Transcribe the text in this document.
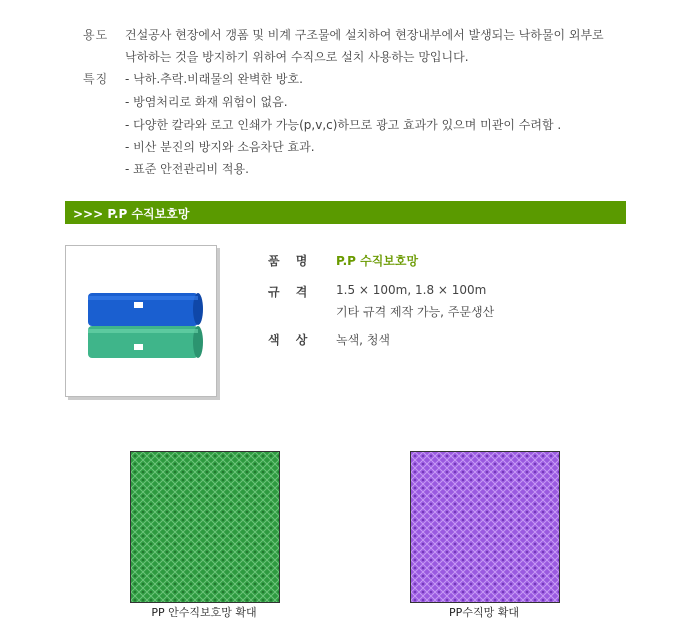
용도 건설공사 현장에서 갱폼 및 비계 구조물에 설치하여 현장내부에서 발생되는 낙하물이 외부로
낙하하는 것을 방지하기 위하여 수직으로 설치 사용하는 망입니다.
특징 - 낙하.추락.비래물의 완벽한 방호.
- 방염처리로 화재 위험이 없음.
- 다양한 칼라와 로고 인쇄가 가능(p,v,c)하므로 광고 효과가 있으며 미관이 수려함 .
- 비산 분진의 방지와 소음차단 효과.
- 표준 안전관리비 적용.
>>> P.P 수직보호망
품 명 P.P 수직보호망
규 격 1.5 × 100m, 1.8 × 100m
기타 규격 제작 가능, 주문생산
색 상 녹색, 청색
PP 안수직보호망 확대	PP수직망 확대
